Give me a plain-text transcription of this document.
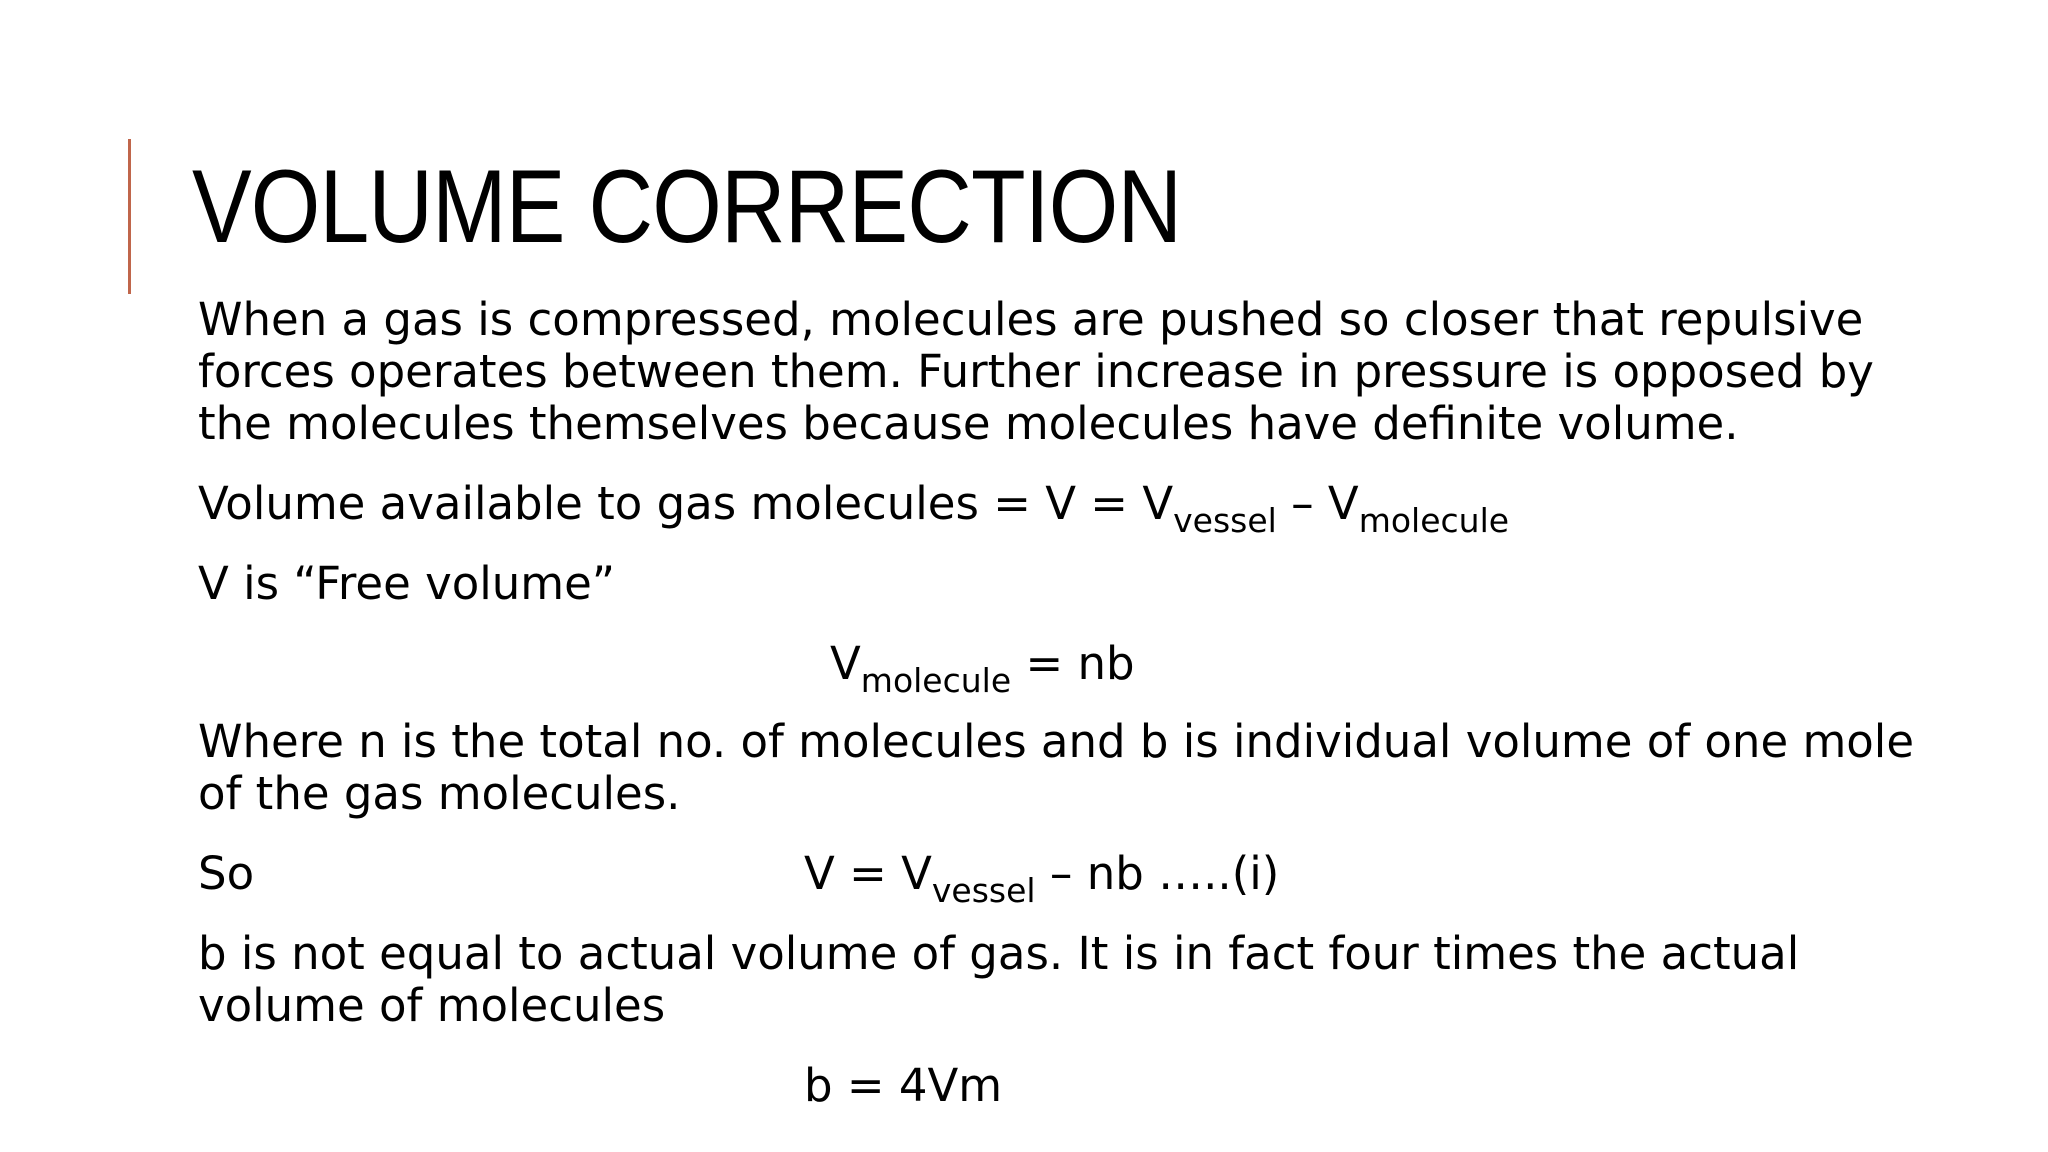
VOLUME CORRECTION

When a gas is compressed, molecules are pushed so closer that repulsive

forces operates between them. Further increase in pressure is opposed by

the molecules themselves because molecules have definite volume.

Volume available to gas molecules = $V = V_{vessel} - V_{molecule}$

V is “Free volume”

$V_{molecule}$ = nb

Where n is the total no. of molecules and b is individual volume of one mole

of the gas molecules.

So	$V = V_{vessel}$ – nb …..(i)

b is not equal to actual volume of gas. It is in fact four times the actual

volume of molecules

b = 4Vm
